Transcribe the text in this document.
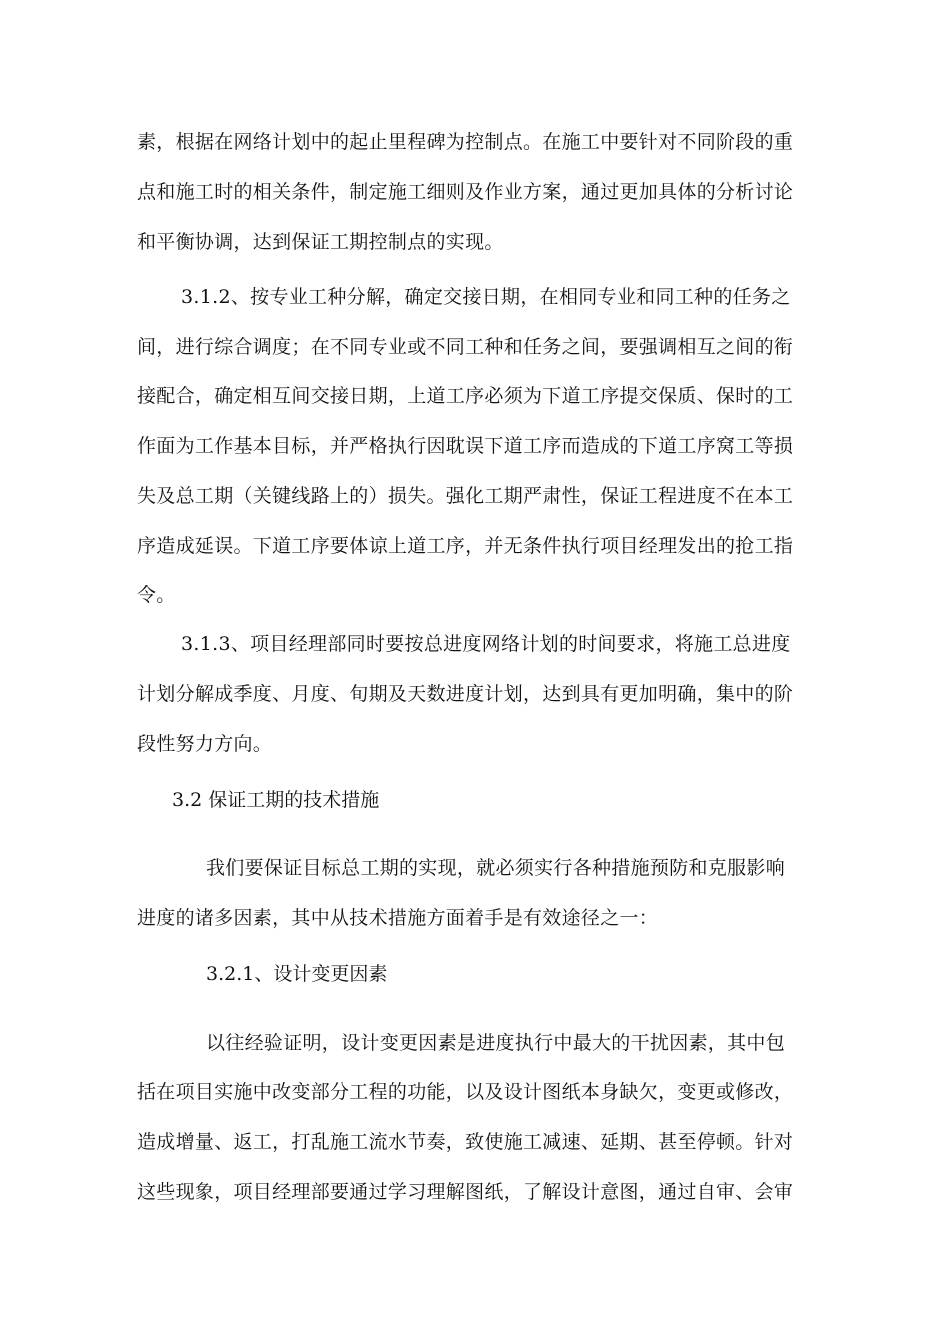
素，根据在网络计划中的起止里程碑为控制点。在施工中要针对不同阶段的重
点和施工时的相关条件，制定施工细则及作业方案，通过更加具体的分析讨论
和平衡协调，达到保证工期控制点的实现。
3.1.2、按专业工种分解，确定交接日期，在相同专业和同工种的任务之
间，进行综合调度；在不同专业或不同工种和任务之间，要强调相互之间的衔
接配合，确定相互间交接日期，上道工序必须为下道工序提交保质、保时的工
作面为工作基本目标，并严格执行因耽误下道工序而造成的下道工序窝工等损
失及总工期（关键线路上的）损失。强化工期严肃性，保证工程进度不在本工
序造成延误。下道工序要体谅上道工序，并无条件执行项目经理发出的抢工指
令。
3.1.3、项目经理部同时要按总进度网络计划的时间要求，将施工总进度
计划分解成季度、月度、旬期及天数进度计划，达到具有更加明确，集中的阶
段性努力方向。
3.2 保证工期的技术措施
我们要保证目标总工期的实现，就必须实行各种措施预防和克服影响
进度的诸多因素，其中从技术措施方面着手是有效途径之一：
3.2.1、设计变更因素
以往经验证明，设计变更因素是进度执行中最大的干扰因素，其中包
括在项目实施中改变部分工程的功能，以及设计图纸本身缺欠，变更或修改，
造成增量、返工，打乱施工流水节奏，致使施工减速、延期、甚至停顿。针对
这些现象，项目经理部要通过学习理解图纸，了解设计意图，通过自审、会审
